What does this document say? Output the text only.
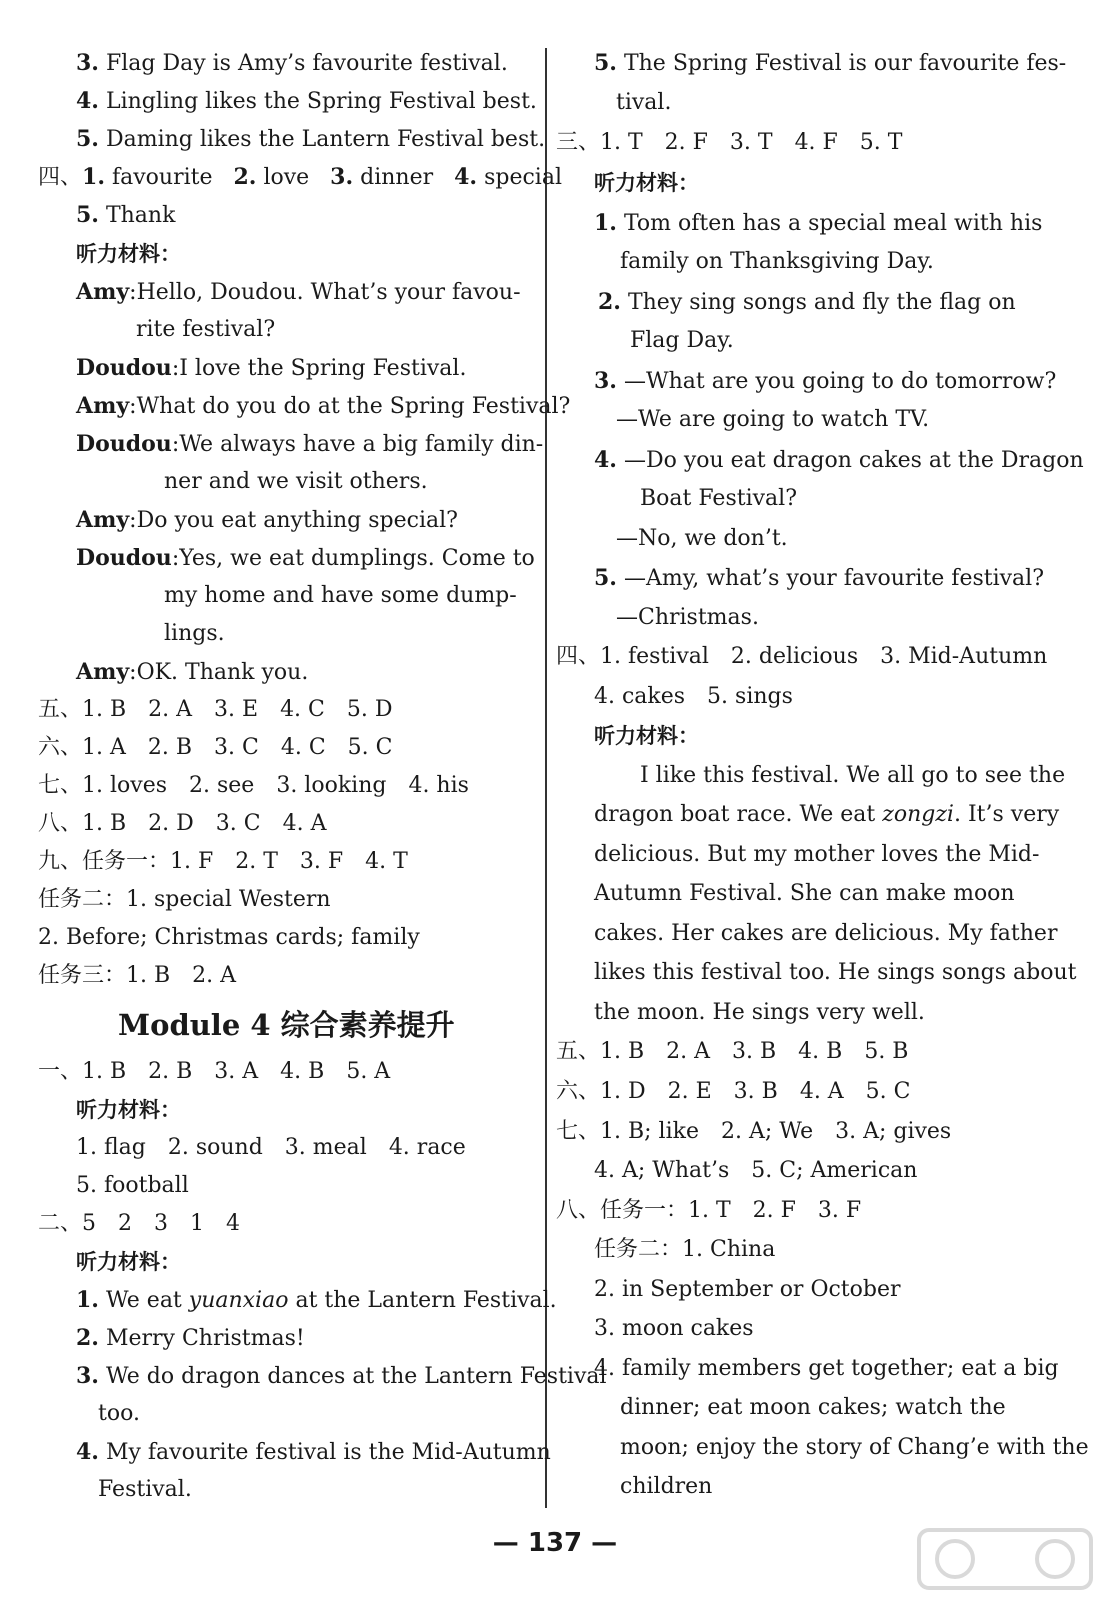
3. Flag Day is Amy’s favourite festival.
4. Lingling likes the Spring Festival best.
5. Daming likes the Lantern Festival best.
四、1. favourite 2. love 3. dinner 4. special
5. Thank
听力材料：
Amy:Hello, Doudou. What’s your favou-
rite festival?
Doudou:I love the Spring Festival.
Amy:What do you do at the Spring Festival?
Doudou:We always have a big family din-
ner and we visit others.
Amy:Do you eat anything special?
Doudou:Yes, we eat dumplings. Come to
my home and have some dump-
lings.
Amy:OK. Thank you.
五、1. B　2. A　3. E　4. C　5. D
六、1. A　2. B　3. C　4. C　5. C
七、1. loves　2. see　3. looking　4. his
八、1. B　2. D　3. C　4. A
九、任务一：1. F　2. T　3. F　4. T
任务二：1. special Western
2. Before; Christmas cards; family
任务三：1. B　2. A
Module 4 综合素养提升
一、1. B　2. B　3. A　4. B　5. A
听力材料：
1. flag　2. sound　3. meal　4. race
5. football
二、5　2　3　1　4
听力材料：
1. We eat yuanxiao at the Lantern Festival.
2. Merry Christmas!
3. We do dragon dances at the Lantern Festival
too.
4. My favourite festival is the Mid-Autumn
Festival.
5. The Spring Festival is our favourite fes-
tival.
三、1. T　2. F　3. T　4. F　5. T
听力材料：
1. Tom often has a special meal with his
family on Thanksgiving Day.
2. They sing songs and fly the flag on
Flag Day.
3. —What are you going to do tomorrow?
—We are going to watch TV.
4. —Do you eat dragon cakes at the Dragon
Boat Festival?
—No, we don’t.
5. —Amy, what’s your favourite festival?
—Christmas.
四、1. festival　2. delicious　3. Mid-Autumn
4. cakes　5. sings
听力材料：
I like this festival. We all go to see the
dragon boat race. We eat zongzi. It’s very
delicious. But my mother loves the Mid-
Autumn Festival. She can make moon
cakes. Her cakes are delicious. My father
likes this festival too. He sings songs about
the moon. He sings very well.
五、1. B　2. A　3. B　4. B　5. B
六、1. D　2. E　3. B　4. A　5. C
七、1. B; like　2. A; We　3. A; gives
4. A; What’s　5. C; American
八、任务一：1. T　2. F　3. F
任务二：1. China
2. in September or October
3. moon cakes
4. family members get together; eat a big
dinner; eat moon cakes; watch the
moon; enjoy the story of Chang’e with the
children
— 137 —
